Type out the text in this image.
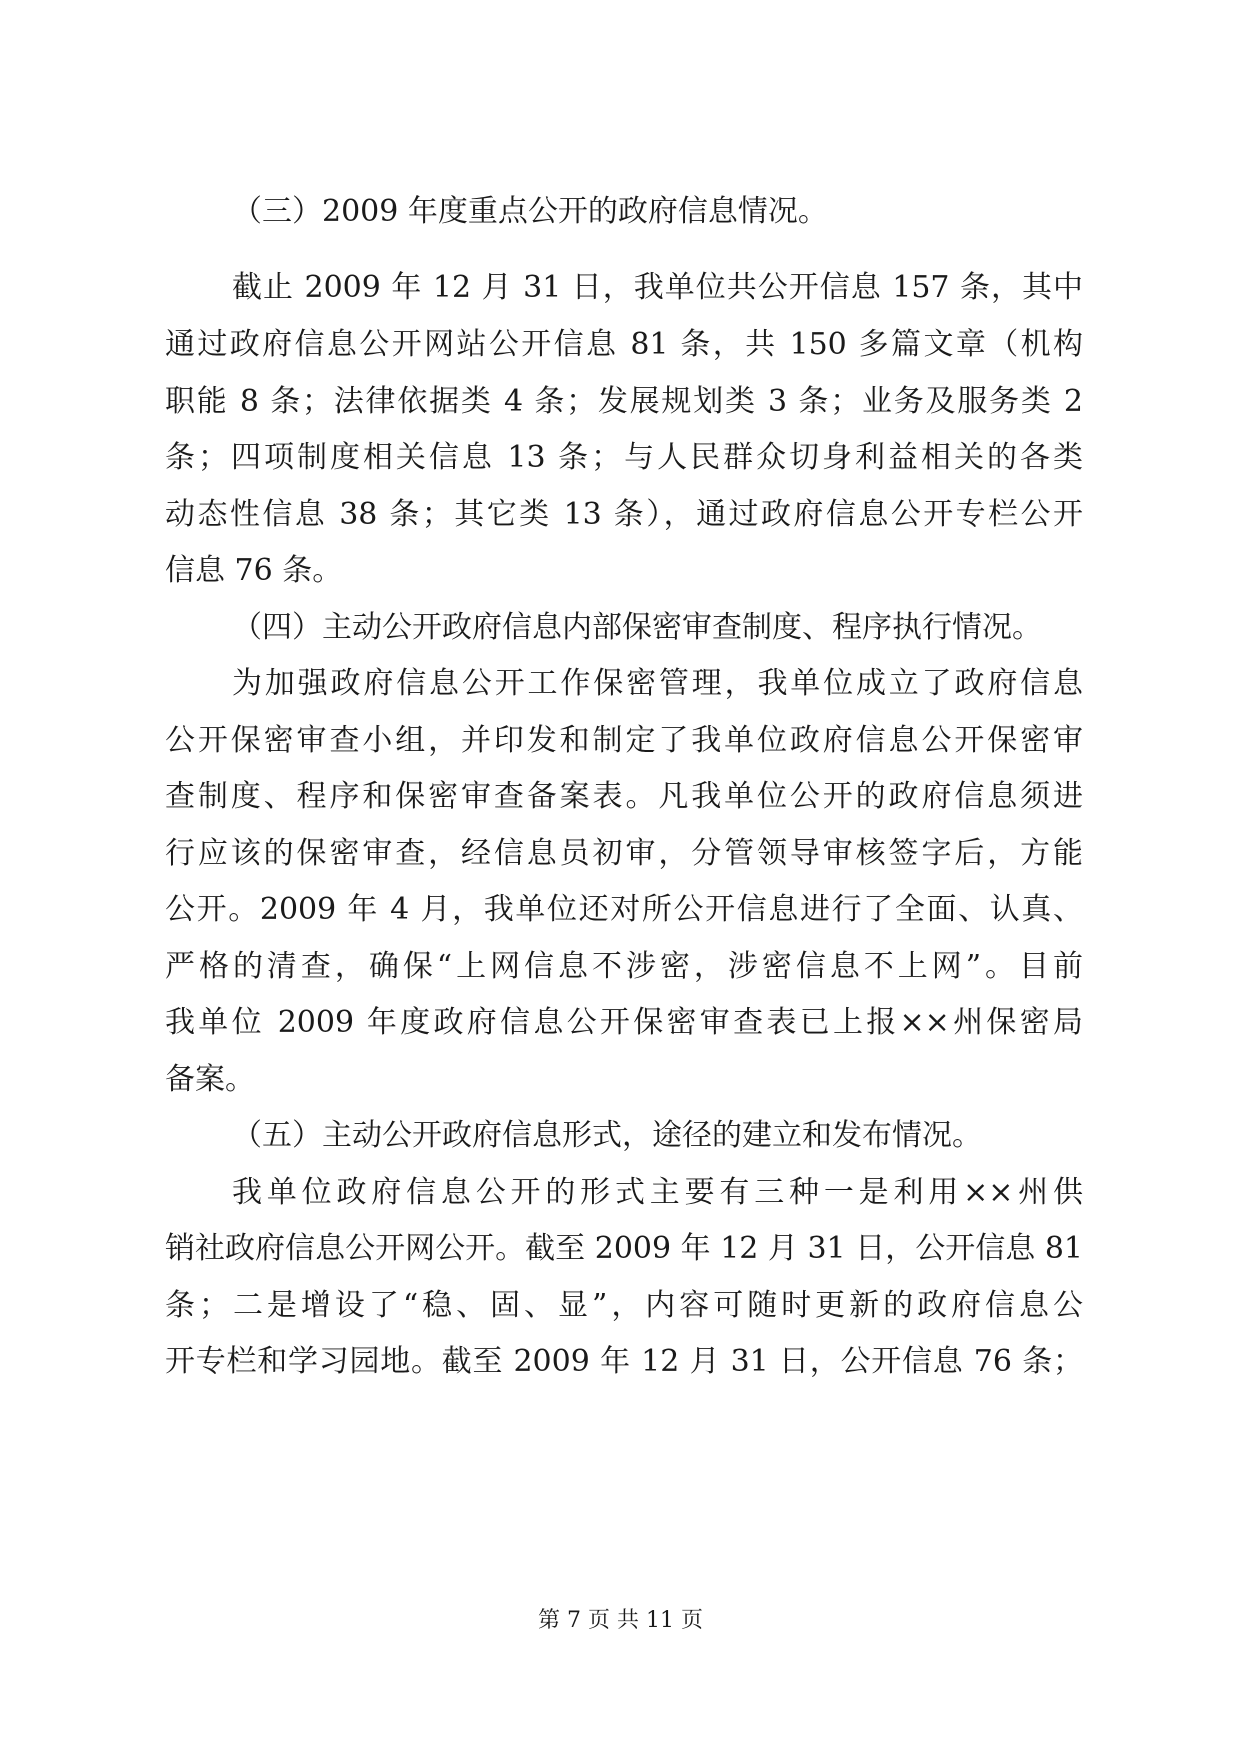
（三）2009 年度重点公开的政府信息情况。
截止 2009 年 12 月 31 日，我单位共公开信息 157 条，其中
通过政府信息公开网站公开信息 81 条，共 150 多篇文章（机构
职能 8 条；法律依据类 4 条；发展规划类 3 条；业务及服务类 2
条；四项制度相关信息 13 条；与人民群众切身利益相关的各类
动态性信息 38 条；其它类 13 条），通过政府信息公开专栏公开
信息 76 条。
（四）主动公开政府信息内部保密审查制度、程序执行情况。
为加强政府信息公开工作保密管理，我单位成立了政府信息
公开保密审查小组，并印发和制定了我单位政府信息公开保密审
查制度、程序和保密审查备案表。凡我单位公开的政府信息须进
行应该的保密审查，经信息员初审，分管领导审核签字后，方能
公开。2009 年 4 月，我单位还对所公开信息进行了全面、认真、
严格的清查，确保“上网信息不涉密，涉密信息不上网”。目前
我单位 2009 年度政府信息公开保密审查表已上报××州保密局
备案。
（五）主动公开政府信息形式，途径的建立和发布情况。
我单位政府信息公开的形式主要有三种一是利用××州供
销社政府信息公开网公开。截至 2009 年 12 月 31 日，公开信息 81
条；二是增设了“稳、固、显”，内容可随时更新的政府信息公
开专栏和学习园地。截至 2009 年 12 月 31 日，公开信息 76 条；
第 7 页 共 11 页
